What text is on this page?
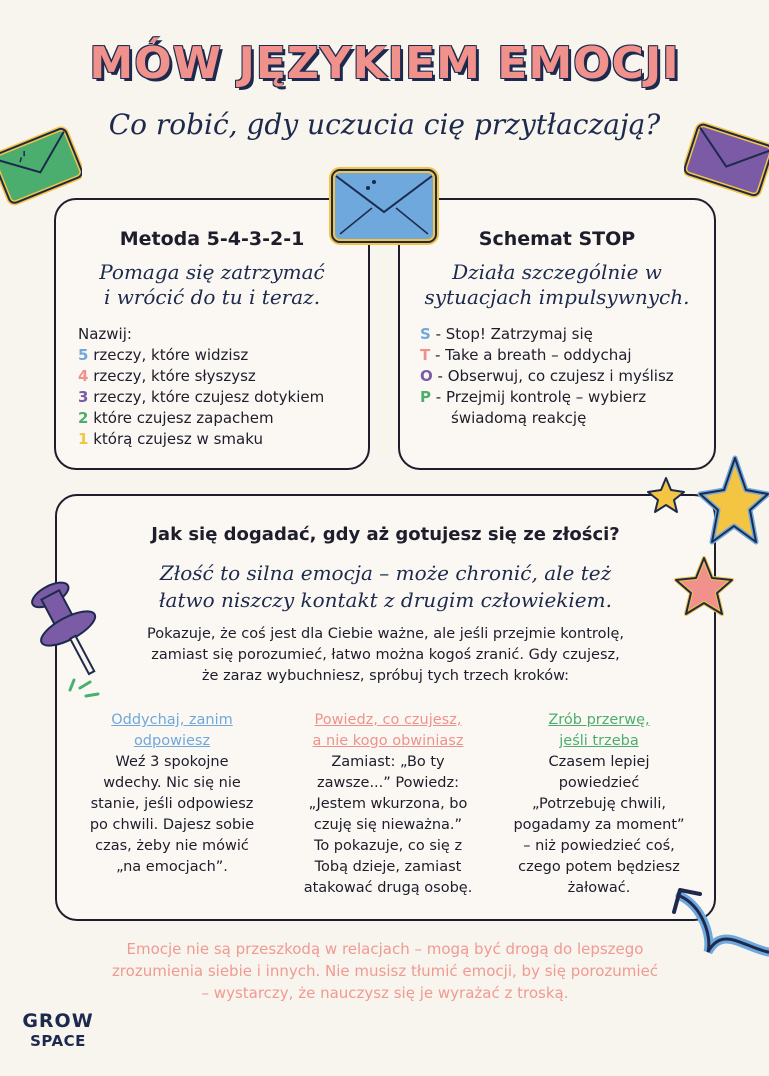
Metoda 5-4-3-2-1
Pomaga się zatrzymać
i wrócić do tu i teraz.
Nazwij:
5 rzeczy, które widzisz
4 rzeczy, które słyszysz
3 rzeczy, które czujesz dotykiem
2 które czujesz zapachem
1 którą czujesz w smaku
Schemat STOP
Działa szczególnie w
sytuacjach impulsywnych.
S - Stop! Zatrzymaj się
T - Take a breath – oddychaj
O - Obserwuj, co czujesz i myślisz
P - Przejmij kontrolę – wybierz
świadomą reakcję
Jak się dogadać, gdy aż gotujesz się ze złości?
Złość to silna emocja – może chronić, ale też
łatwo niszczy kontakt z drugim człowiekiem.
Pokazuje, że coś jest dla Ciebie ważne, ale jeśli przejmie kontrolę,
zamiast się porozumieć, łatwo można kogoś zranić. Gdy czujesz,
że zaraz wybuchniesz, spróbuj tych trzech kroków:
Oddychaj, zanim
odpowiesz
Weź 3 spokojne
wdechy. Nic się nie
stanie, jeśli odpowiesz
po chwili. Dajesz sobie
czas, żeby nie mówić
„na emocjach”.
Powiedz, co czujesz,
a nie kogo obwiniasz
Zamiast: „Bo ty
zawsze...” Powiedz:
„Jestem wkurzona, bo
czuję się nieważna.”
To pokazuje, co się z
Tobą dzieje, zamiast
atakować drugą osobę.
Zrób przerwę,
jeśli trzeba
Czasem lepiej
powiedzieć
„Potrzebuję chwili,
pogadamy za moment”
– niż powiedzieć coś,
czego potem będziesz
żałować.
MÓW JĘZYKIEM EMOCJI
Co robić, gdy uczucia cię przytłaczają?
Emocje nie są przeszkodą w relacjach – mogą być drogą do lepszego
zrozumienia siebie i innych. Nie musisz tłumić emocji, by się porozumieć
– wystarczy, że nauczysz się je wyrażać z troską.
GROW
SPACE
